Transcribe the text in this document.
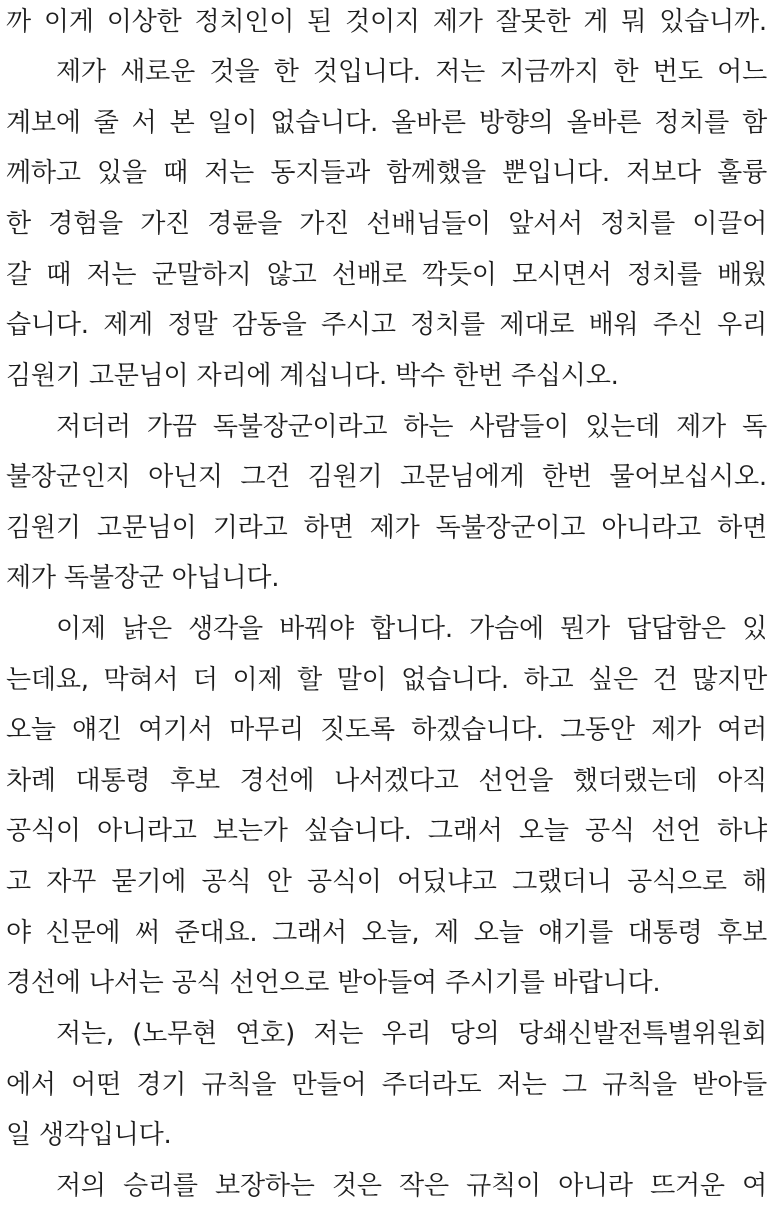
까 이게 이상한 정치인이 된 것이지 제가 잘못한 게 뭐 있습니까.
제가 새로운 것을 한 것입니다. 저는 지금까지 한 번도 어느
계보에 줄 서 본 일이 없습니다. 올바른 방향의 올바른 정치를 함
께하고 있을 때 저는 동지들과 함께했을 뿐입니다. 저보다 훌륭
한 경험을 가진 경륜을 가진 선배님들이 앞서서 정치를 이끌어
갈 때 저는 군말하지 않고 선배로 깍듯이 모시면서 정치를 배웠
습니다. 제게 정말 감동을 주시고 정치를 제대로 배워 주신 우리
김원기 고문님이 자리에 계십니다. 박수 한번 주십시오.
저더러 가끔 독불장군이라고 하는 사람들이 있는데 제가 독
불장군인지 아닌지 그건 김원기 고문님에게 한번 물어보십시오.
김원기 고문님이 기라고 하면 제가 독불장군이고 아니라고 하면
제가 독불장군 아닙니다.
이제 낡은 생각을 바꿔야 합니다. 가슴에 뭔가 답답함은 있
는데요, 막혀서 더 이제 할 말이 없습니다. 하고 싶은 건 많지만
오늘 얘긴 여기서 마무리 짓도록 하겠습니다. 그동안 제가 여러
차례 대통령 후보 경선에 나서겠다고 선언을 했더랬는데 아직
공식이 아니라고 보는가 싶습니다. 그래서 오늘 공식 선언 하냐
고 자꾸 묻기에 공식 안 공식이 어딨냐고 그랬더니 공식으로 해
야 신문에 써 준대요. 그래서 오늘, 제 오늘 얘기를 대통령 후보
경선에 나서는 공식 선언으로 받아들여 주시기를 바랍니다.
저는, (노무현 연호) 저는 우리 당의 당쇄신발전특별위원회
에서 어떤 경기 규칙을 만들어 주더라도 저는 그 규칙을 받아들
일 생각입니다.
저의 승리를 보장하는 것은 작은 규칙이 아니라 뜨거운 여
